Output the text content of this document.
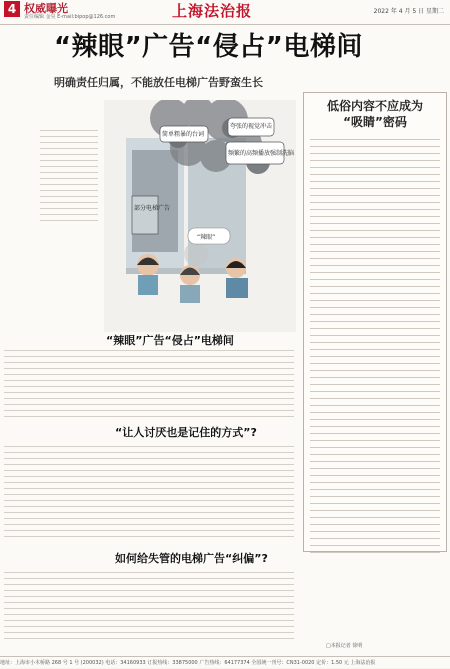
4 权威曝光
责任编辑 金昊 E-mail:bipop@126.com	上海法治报	2022 年 4 月 5 日 星期二
“辣眼”广告“侵占”电梯间
明确责任归属，不能放任电梯广告野蛮生长
简单粗暴的台词
夸张的视觉冲击
频繁的高频播放强制洗脑
部分电梯广告
“辣眼”
低俗内容不应成为
“吸睛”密码
“辣眼”广告“侵占”电梯间
“让人讨厌也是记住的方式”?
如何给失管的电梯广告“纠偏”?
□本报记者 徐明
地址：上海市小木桥路 268 号 1 号 (200032) 电话：34160933 订报热线：33875000 广告热线：64177374 全国统一刊号：CN31-0020 定价：1.50 元 上海法治报
